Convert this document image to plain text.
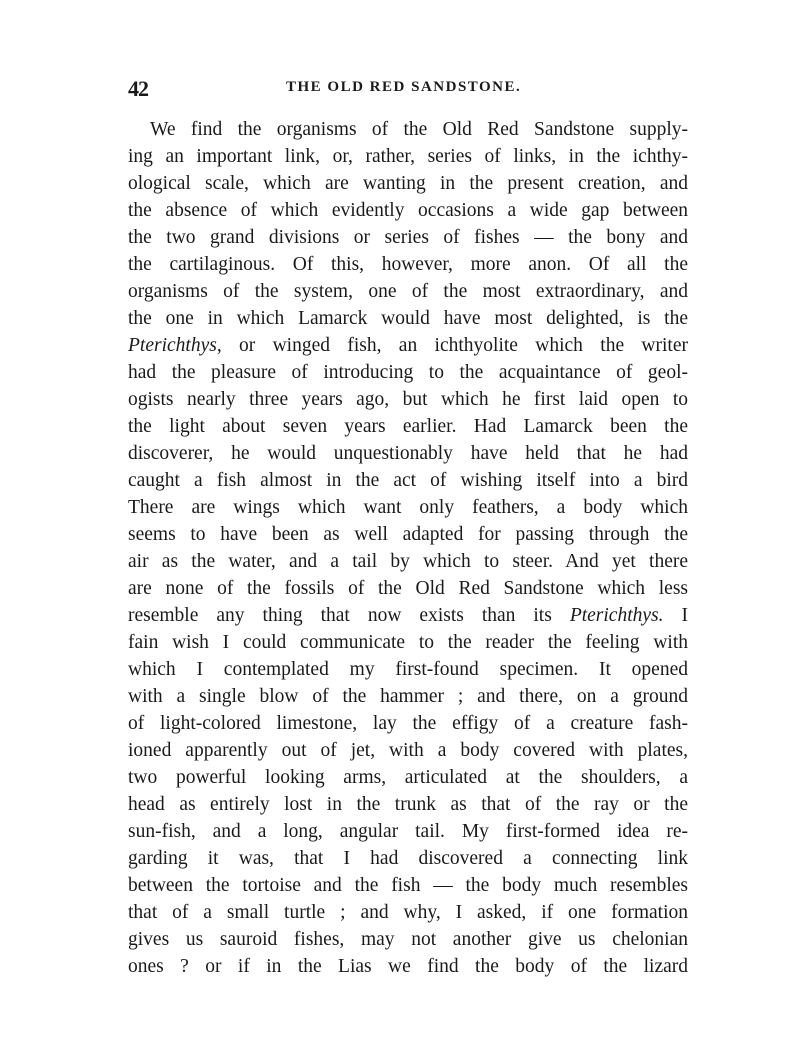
42	THE OLD RED SANDSTONE.
We find the organisms of the Old Red Sandstone supply-
ing an important link, or, rather, series of links, in the ichthy-
ological scale, which are wanting in the present creation, and
the absence of which evidently occasions a wide gap between
the two grand divisions or series of fishes — the bony and
the cartilaginous. Of this, however, more anon. Of all the
organisms of the system, one of the most extraordinary, and
the one in which Lamarck would have most delighted, is the
Pterichthys, or winged fish, an ichthyolite which the writer
had the pleasure of introducing to the acquaintance of geol-
ogists nearly three years ago, but which he first laid open to
the light about seven years earlier. Had Lamarck been the
discoverer, he would unquestionably have held that he had
caught a fish almost in the act of wishing itself into a bird
There are wings which want only feathers, a body which
seems to have been as well adapted for passing through the
air as the water, and a tail by which to steer. And yet there
are none of the fossils of the Old Red Sandstone which less
resemble any thing that now exists than its Pterichthys. I
fain wish I could communicate to the reader the feeling with
which I contemplated my first-found specimen. It opened
with a single blow of the hammer ; and there, on a ground
of light-colored limestone, lay the effigy of a creature fash-
ioned apparently out of jet, with a body covered with plates,
two powerful looking arms, articulated at the shoulders, a
head as entirely lost in the trunk as that of the ray or the
sun-fish, and a long, angular tail. My first-formed idea re-
garding it was, that I had discovered a connecting link
between the tortoise and the fish — the body much resembles
that of a small turtle ; and why, I asked, if one formation
gives us sauroid fishes, may not another give us chelonian
ones ? or if in the Lias we find the body of the lizard
